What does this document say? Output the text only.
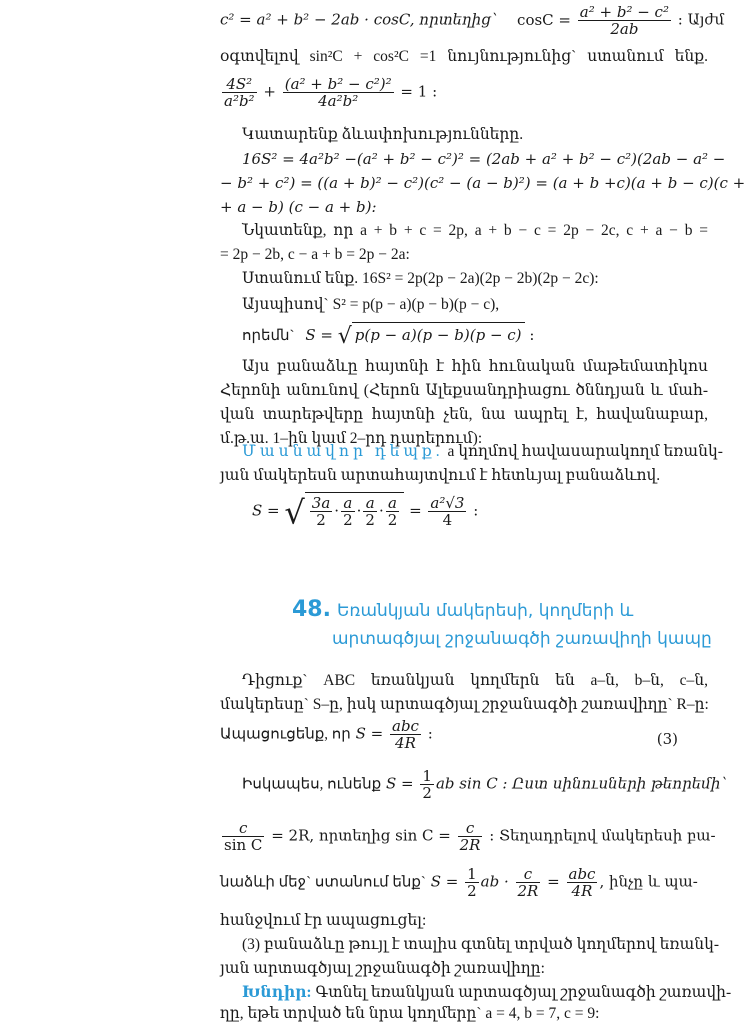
c² = a² + b² − 2ab · cosC, որտեղից` $\cos C = \frac{\text{a² + b² − c²}}{2ab}$ : Այժմ
օգտվելով sin²C + cos²C =1 նույնությունից` ստանում ենք.
$\frac{\text{4S²}}{\text{a²b²}} + \frac{\text{(a² + b² − c²)²}}{\text{4a²b²}} = 1$ :
Կատարենք ձևափոխությունները.
16S² = 4a²b² −(a² + b² − c²)² = (2ab + a² + b² − c²)(2ab − a² −
− b² + c²) = ((a + b)² − c²)(c² − (a − b)²) = (a + b +c)(a + b − c)(c +
+ a − b) (c − a + b):
Նկատենք, որ a + b + c = 2p, a + b − c = 2p − 2c, c + a − b =
= 2p − 2b, c − a + b = 2p − 2a:
Ստանում ենք. 16S² = 2p(2p − 2a)(2p − 2b)(2p − 2c):
Այսպիսով` S² = p(p − a)(p − b)(p − c),
որեմն` S = √ p(p − a)(p − b)(p − c) :
Այս բանաձևը հայտնի է հին հունական մաթեմատիկոս
Հերոնի անունով (Հերոն Ալեքսանդրիացու ծննդյան և մահ-
վան տարեթվերը հայտնի չեն, նա ապրել է, հավանաբար,
մ.թ.ա. 1–ին կամ 2–րդ դարերում):
Մասնավոր դեպք. a կողմով հավասարակողմ եռանկ-
յան մակերեսն արտահայտվում է հետևյալ բանաձևով.
S = √ $\frac{3a}{2} \cdot \frac{a}{2} \cdot \frac{a}{2} \cdot \frac{a}{2} = \frac{\text{a²√3}}{4}$ :
48. Եռանկյան մակերեսի, կողմերի և
արտագծյալ շրջանագծի շառավիղի կապը
Դիցուք` ABC եռանկյան կողմերն են a–ն, b–ն, c–ն,
մակերեսը` S–ը, իսկ արտագծյալ շրջանագծի շառավիղը` R–ը:
Ապացուցենք, որ $S = \frac{\text{abc}}{4R}$ :	(3)
Իսկապես, ունենք $S = \frac{1}{2}$ ab sin C : Ըստ սինուսների թեորեմի`
$\frac{c}{\text{sin C}} = 2R$, որտեղից $\sin C = \frac{c}{2R}$ : Տեղադրելով մակերեսի բա-
նաձևի մեջ` ստանում ենք` $S = \frac{1}{2}$ ab · $\frac{c}{2R} = \frac{\text{abc}}{4R}$ , ինչը և պա-
հանջվում էր ապացուցել:
(3) բանաձևը թույլ է տալիս գտնել տրված կողմերով եռանկ-
յան արտագծյալ շրջանագծի շառավիղը:
Խնդիր: Գտնել եռանկյան արտագծյալ շրջանագծի շառավի-
ղը, եթե տրված են նրա կողմերը` a = 4, b = 7, c = 9:
